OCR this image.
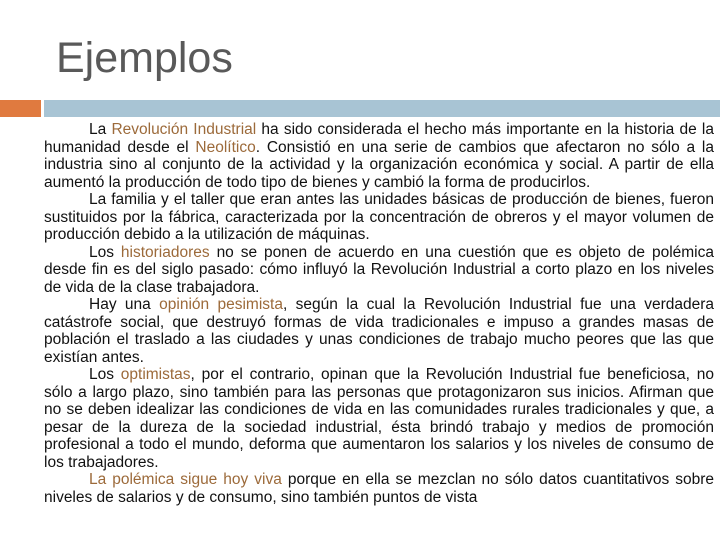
Ejemplos

La Revolución Industrial ha sido considerada el hecho más importante en la historia de la humanidad desde el Neolítico. Consistió en una serie de cambios que afectaron no sólo a la industria sino al conjunto de la actividad y la organización económica y social. A partir de ella aumentó la producción de todo tipo de bienes y cambió la forma de producirlos.

La familia y el taller que eran antes las unidades básicas de producción de bienes, fueron sustituidos por la fábrica, caracterizada por la concentración de obreros y el mayor volumen de producción debido a la utilización de máquinas.

Los historiadores no se ponen de acuerdo en una cuestión que es objeto de polémica desde fin es del siglo pasado: cómo influyó la Revolución Industrial a corto plazo en los niveles de vida de la clase trabajadora.

Hay una opinión pesimista, según la cual la Revolución Industrial fue una verdadera catástrofe social, que destruyó formas de vida tradicionales e impuso a grandes masas de población el traslado a las ciudades y unas condiciones de trabajo mucho peores que las que existían antes.

Los optimistas, por el contrario, opinan que la Revolución Industrial fue beneficiosa, no sólo a largo plazo, sino también para las personas que protagonizaron sus inicios. Afirman que no se deben idealizar las condiciones de vida en las comunidades rurales tradicionales y que, a pesar de la dureza de la sociedad industrial, ésta brindó trabajo y medios de promoción profesional a todo el mundo, deforma que aumentaron los salarios y los niveles de consumo de los trabajadores.

La polémica sigue hoy viva porque en ella se mezclan no sólo datos cuantitativos sobre niveles de salarios y de consumo, sino también puntos de vista
